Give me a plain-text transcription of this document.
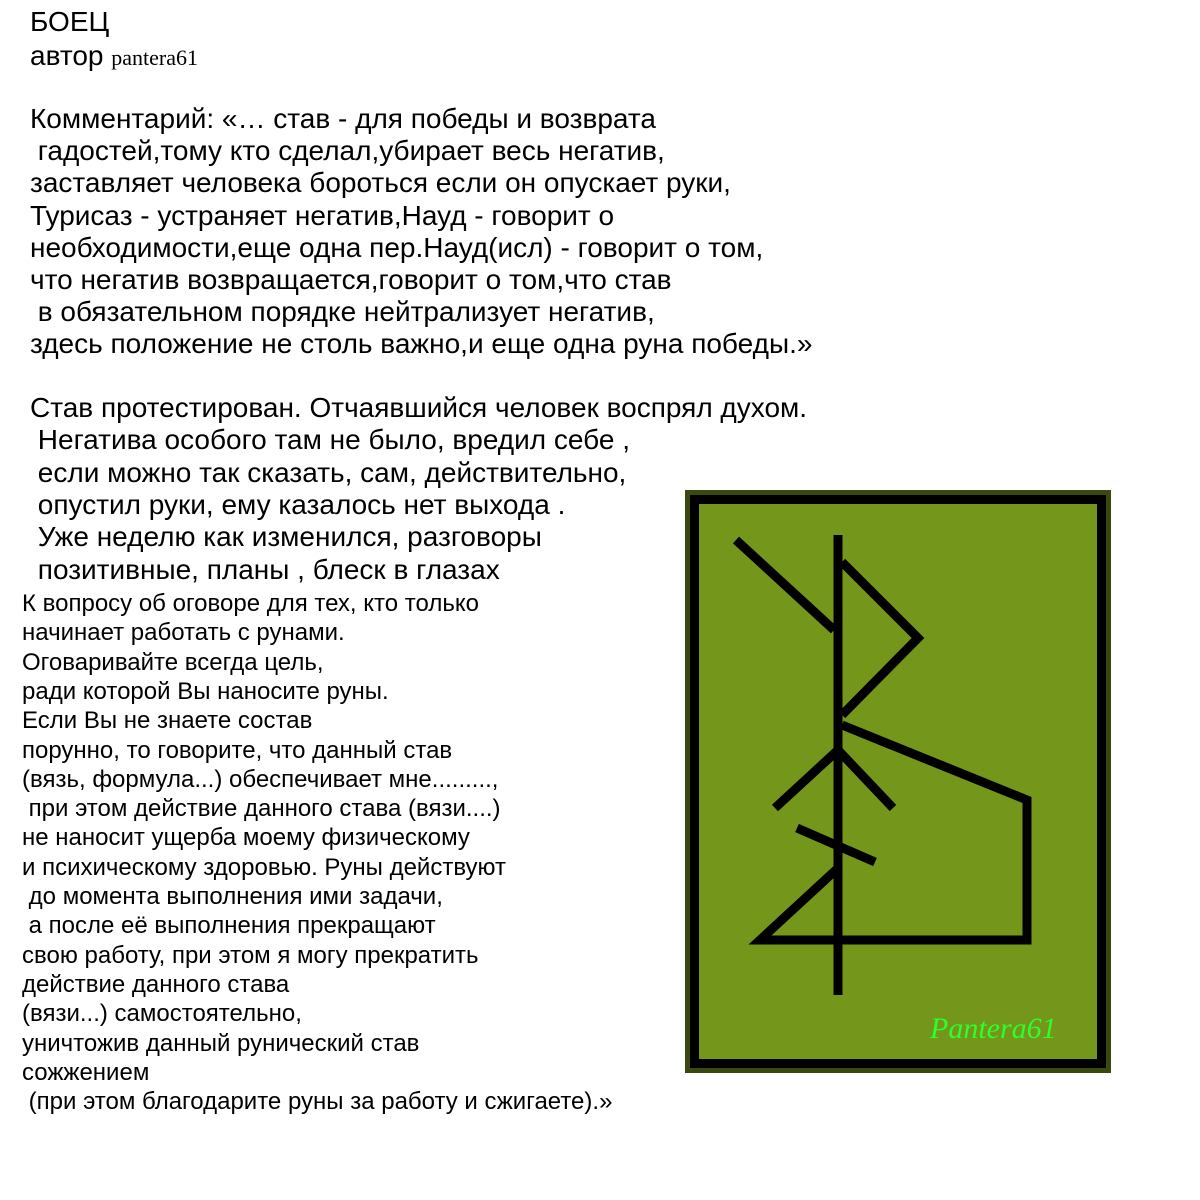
БОЕЦ
автор pantera61
Комментарий: «… став - для победы и возврата
гадостей,тому кто сделал,убирает весь негатив,
заставляет человека бороться если он опускает руки,
Турисаз - устраняет негатив,Науд - говорит о
необходимости,еще одна пер.Науд(исл) - говорит о том,
что негатив возвращается,говорит о том,что став
в обязательном порядке нейтрализует негатив,
здесь положение не столь важно,и еще одна руна победы.»
Став протестирован. Отчаявшийся человек воспрял духом.
Негатива особого там не было, вредил себе ,
если можно так сказать, сам, действительно,
опустил руки, ему казалось нет выхода .
Уже неделю как изменился, разговоры
позитивные, планы , блеск в глазах
К вопросу об оговоре для тех, кто только
начинает работать с рунами.
Оговаривайте всегда цель,
ради которой Вы наносите руны.
Если Вы не знаете состав
порунно, то говорите, что данный став
(вязь, формула...) обеспечивает мне.........,
при этом действие данного става (вязи....)
не наносит ущерба моему физическому
и психическому здоровью. Руны действуют
до момента выполнения ими задачи,
а после её выполнения прекращают
свою работу, при этом я могу прекратить
действие данного става
(вязи...) самостоятельно,
уничтожив данный рунический став
сожжением
(при этом благодарите руны за работу и сжигаете).»
Pantera61
